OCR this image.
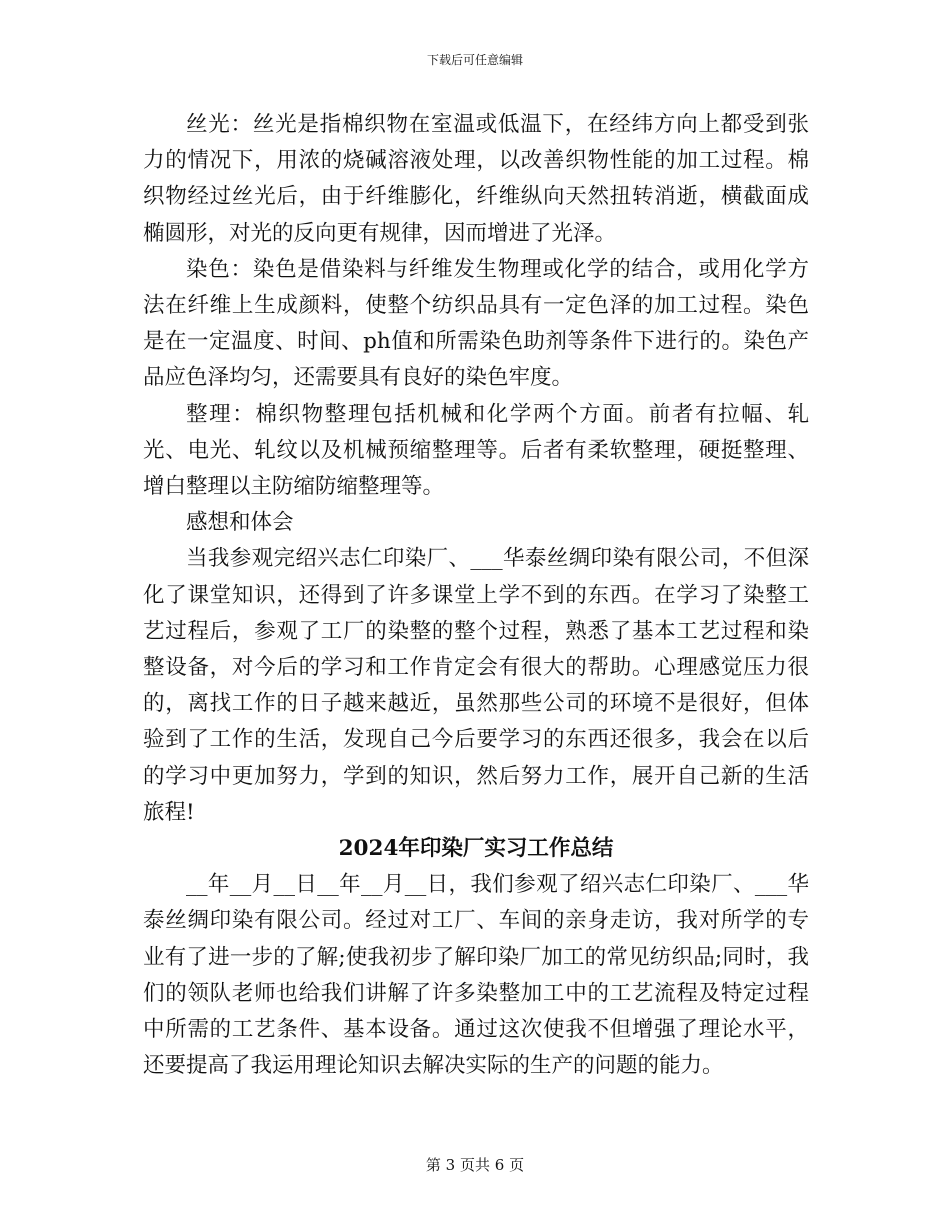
下载后可任意编辑

丝光：丝光是指棉织物在室温或低温下，在经纬方向上都受到张力的情况下，用浓的烧碱溶液处理，以改善织物性能的加工过程。棉织物经过丝光后，由于纤维膨化，纤维纵向天然扭转消逝，横截面成椭圆形，对光的反向更有规律，因而增进了光泽。

染色：染色是借染料与纤维发生物理或化学的结合，或用化学方法在纤维上生成颜料，使整个纺织品具有一定色泽的加工过程。染色是在一定温度、时间、ph值和所需染色助剂等条件下进行的。染色产品应色泽均匀，还需要具有良好的染色牢度。

整理：棉织物整理包括机械和化学两个方面。前者有拉幅、轧光、电光、轧纹以及机械预缩整理等。后者有柔软整理，硬挺整理、增白整理以主防缩防缩整理等。

感想和体会

当我参观完绍兴志仁印染厂、___华泰丝绸印染有限公司，不但深化了课堂知识，还得到了许多课堂上学不到的东西。在学习了染整工艺过程后，参观了工厂的染整的整个过程，熟悉了基本工艺过程和染整设备，对今后的学习和工作肯定会有很大的帮助。心理感觉压力很的，离找工作的日子越来越近，虽然那些公司的环境不是很好，但体验到了工作的生活，发现自己今后要学习的东西还很多，我会在以后的学习中更加努力，学到的知识，然后努力工作，展开自己新的生活旅程!

2024年印染厂实习工作总结

__年__月__日__年__月__日，我们参观了绍兴志仁印染厂、___华泰丝绸印染有限公司。经过对工厂、车间的亲身走访，我对所学的专业有了进一步的了解;使我初步了解印染厂加工的常见纺织品;同时，我们的领队老师也给我们讲解了许多染整加工中的工艺流程及特定过程中所需的工艺条件、基本设备。通过这次使我不但增强了理论水平，还要提高了我运用理论知识去解决实际的生产的问题的能力。

第 3 页共 6 页
